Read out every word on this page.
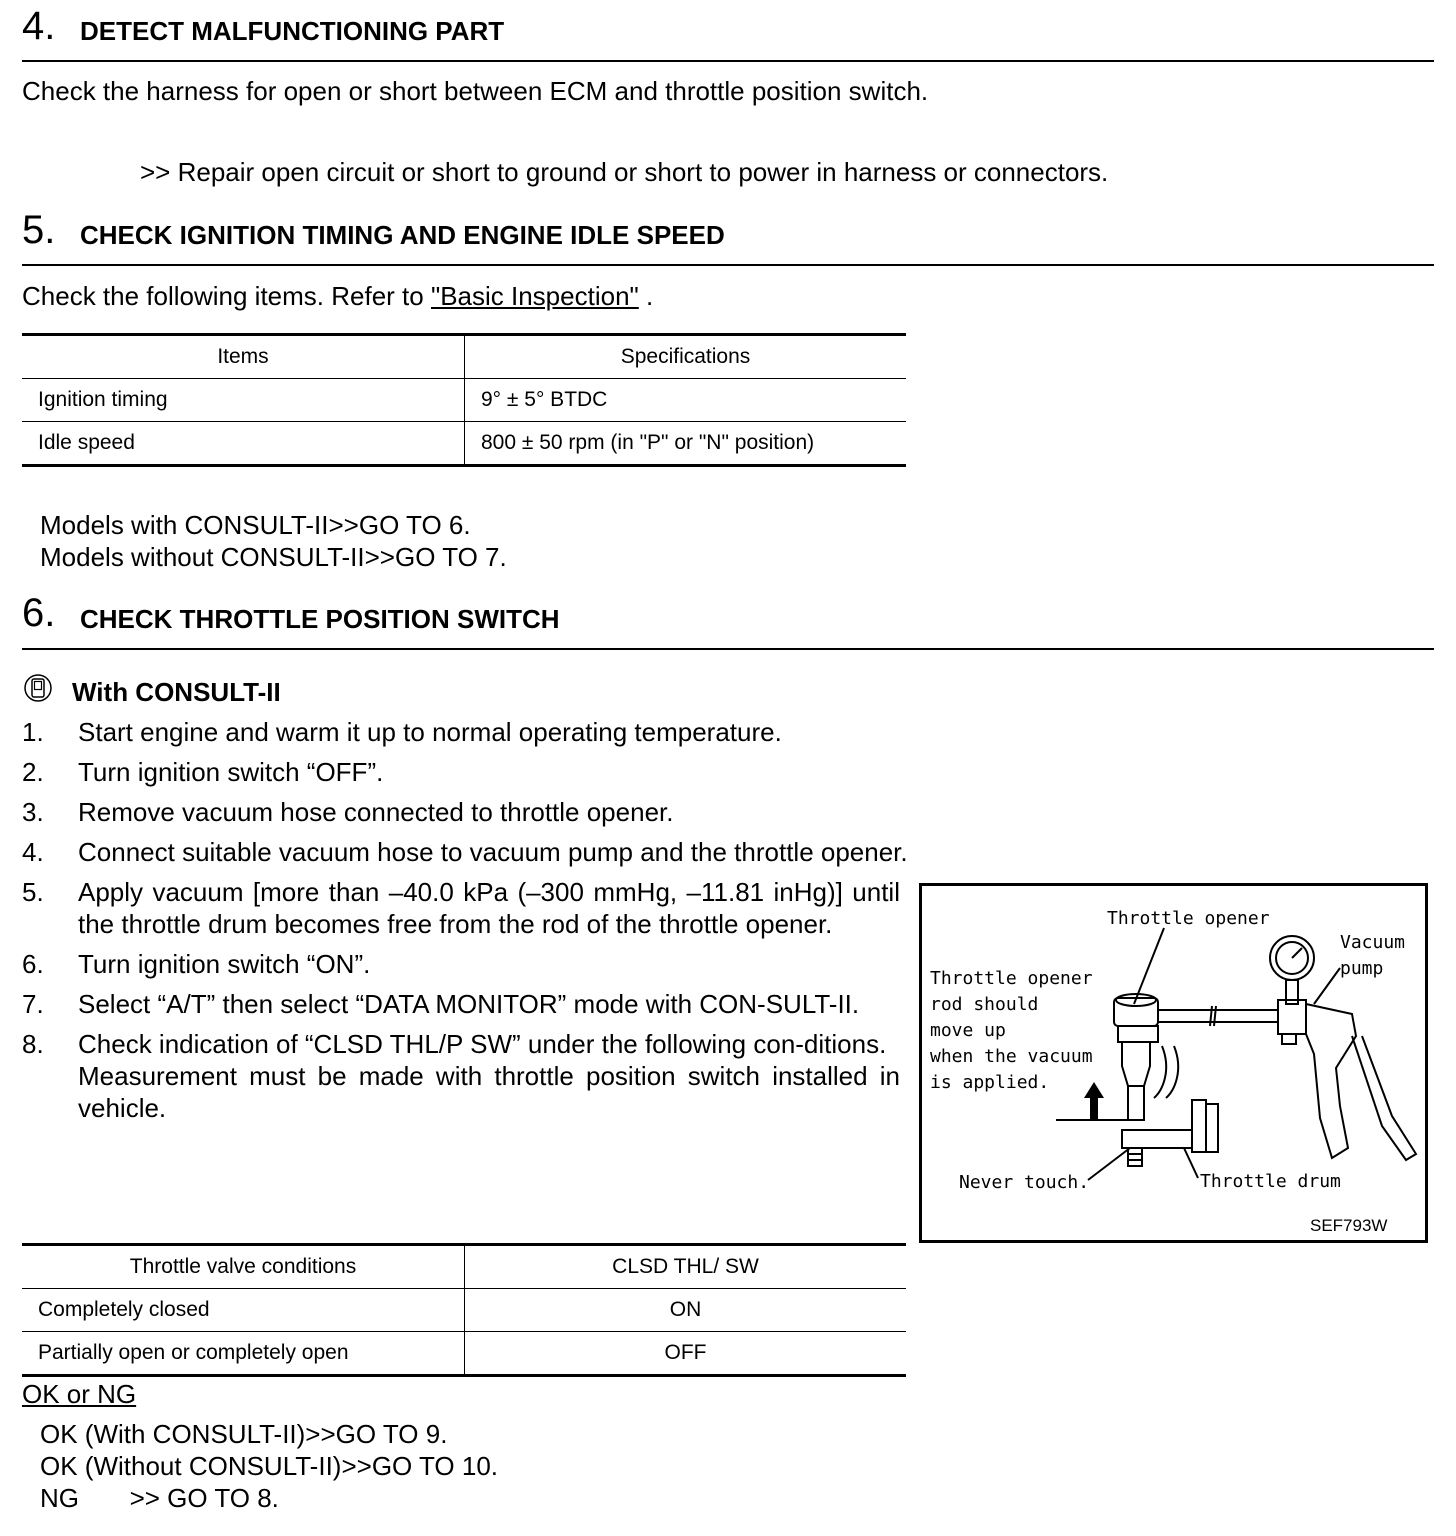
4. DETECT MALFUNCTIONING PART
Check the harness for open or short between ECM and throttle position switch.
>> Repair open circuit or short to ground or short to power in harness or connectors.
5. CHECK IGNITION TIMING AND ENGINE IDLE SPEED
Check the following items. Refer to "Basic Inspection" .
Items	Specifications
Ignition timing	9° ± 5° BTDC
Idle speed	800 ± 50 rpm (in "P" or "N" position)
Models with CONSULT-II>>GO TO 6.
Models without CONSULT-II>>GO TO 7.
6. CHECK THROTTLE POSITION SWITCH
With CONSULT-II
1. Start engine and warm it up to normal operating temperature.
2. Turn ignition switch “OFF”.
3. Remove vacuum hose connected to throttle opener.
4. Connect suitable vacuum hose to vacuum pump and the throttle opener.
5. Apply vacuum [more than –40.0 kPa (–300 mmHg, –11.81 inHg)] until the throttle drum becomes free from the rod of the throttle opener.
6. Turn ignition switch “ON”.
7. Select “A/T” then select “DATA MONITOR” mode with CON-SULT-II.
8. Check indication of “CLSD THL/P SW” under the following con-ditions.

Measurement must be made with throttle position switch installed in vehicle.
Throttle opener
Vacuum
pump
Throttle opener
rod should
move up
when the vacuum
is applied.
Never touch.	Throttle drum
SEF793W
Throttle valve conditions	CLSD THL/ SW
Completely closed	ON
Partially open or completely open	OFF
OK or NG
OK (With CONSULT-II)>>GO TO 9.
OK (Without CONSULT-II)>>GO TO 10.
NG       >> GO TO 8.
